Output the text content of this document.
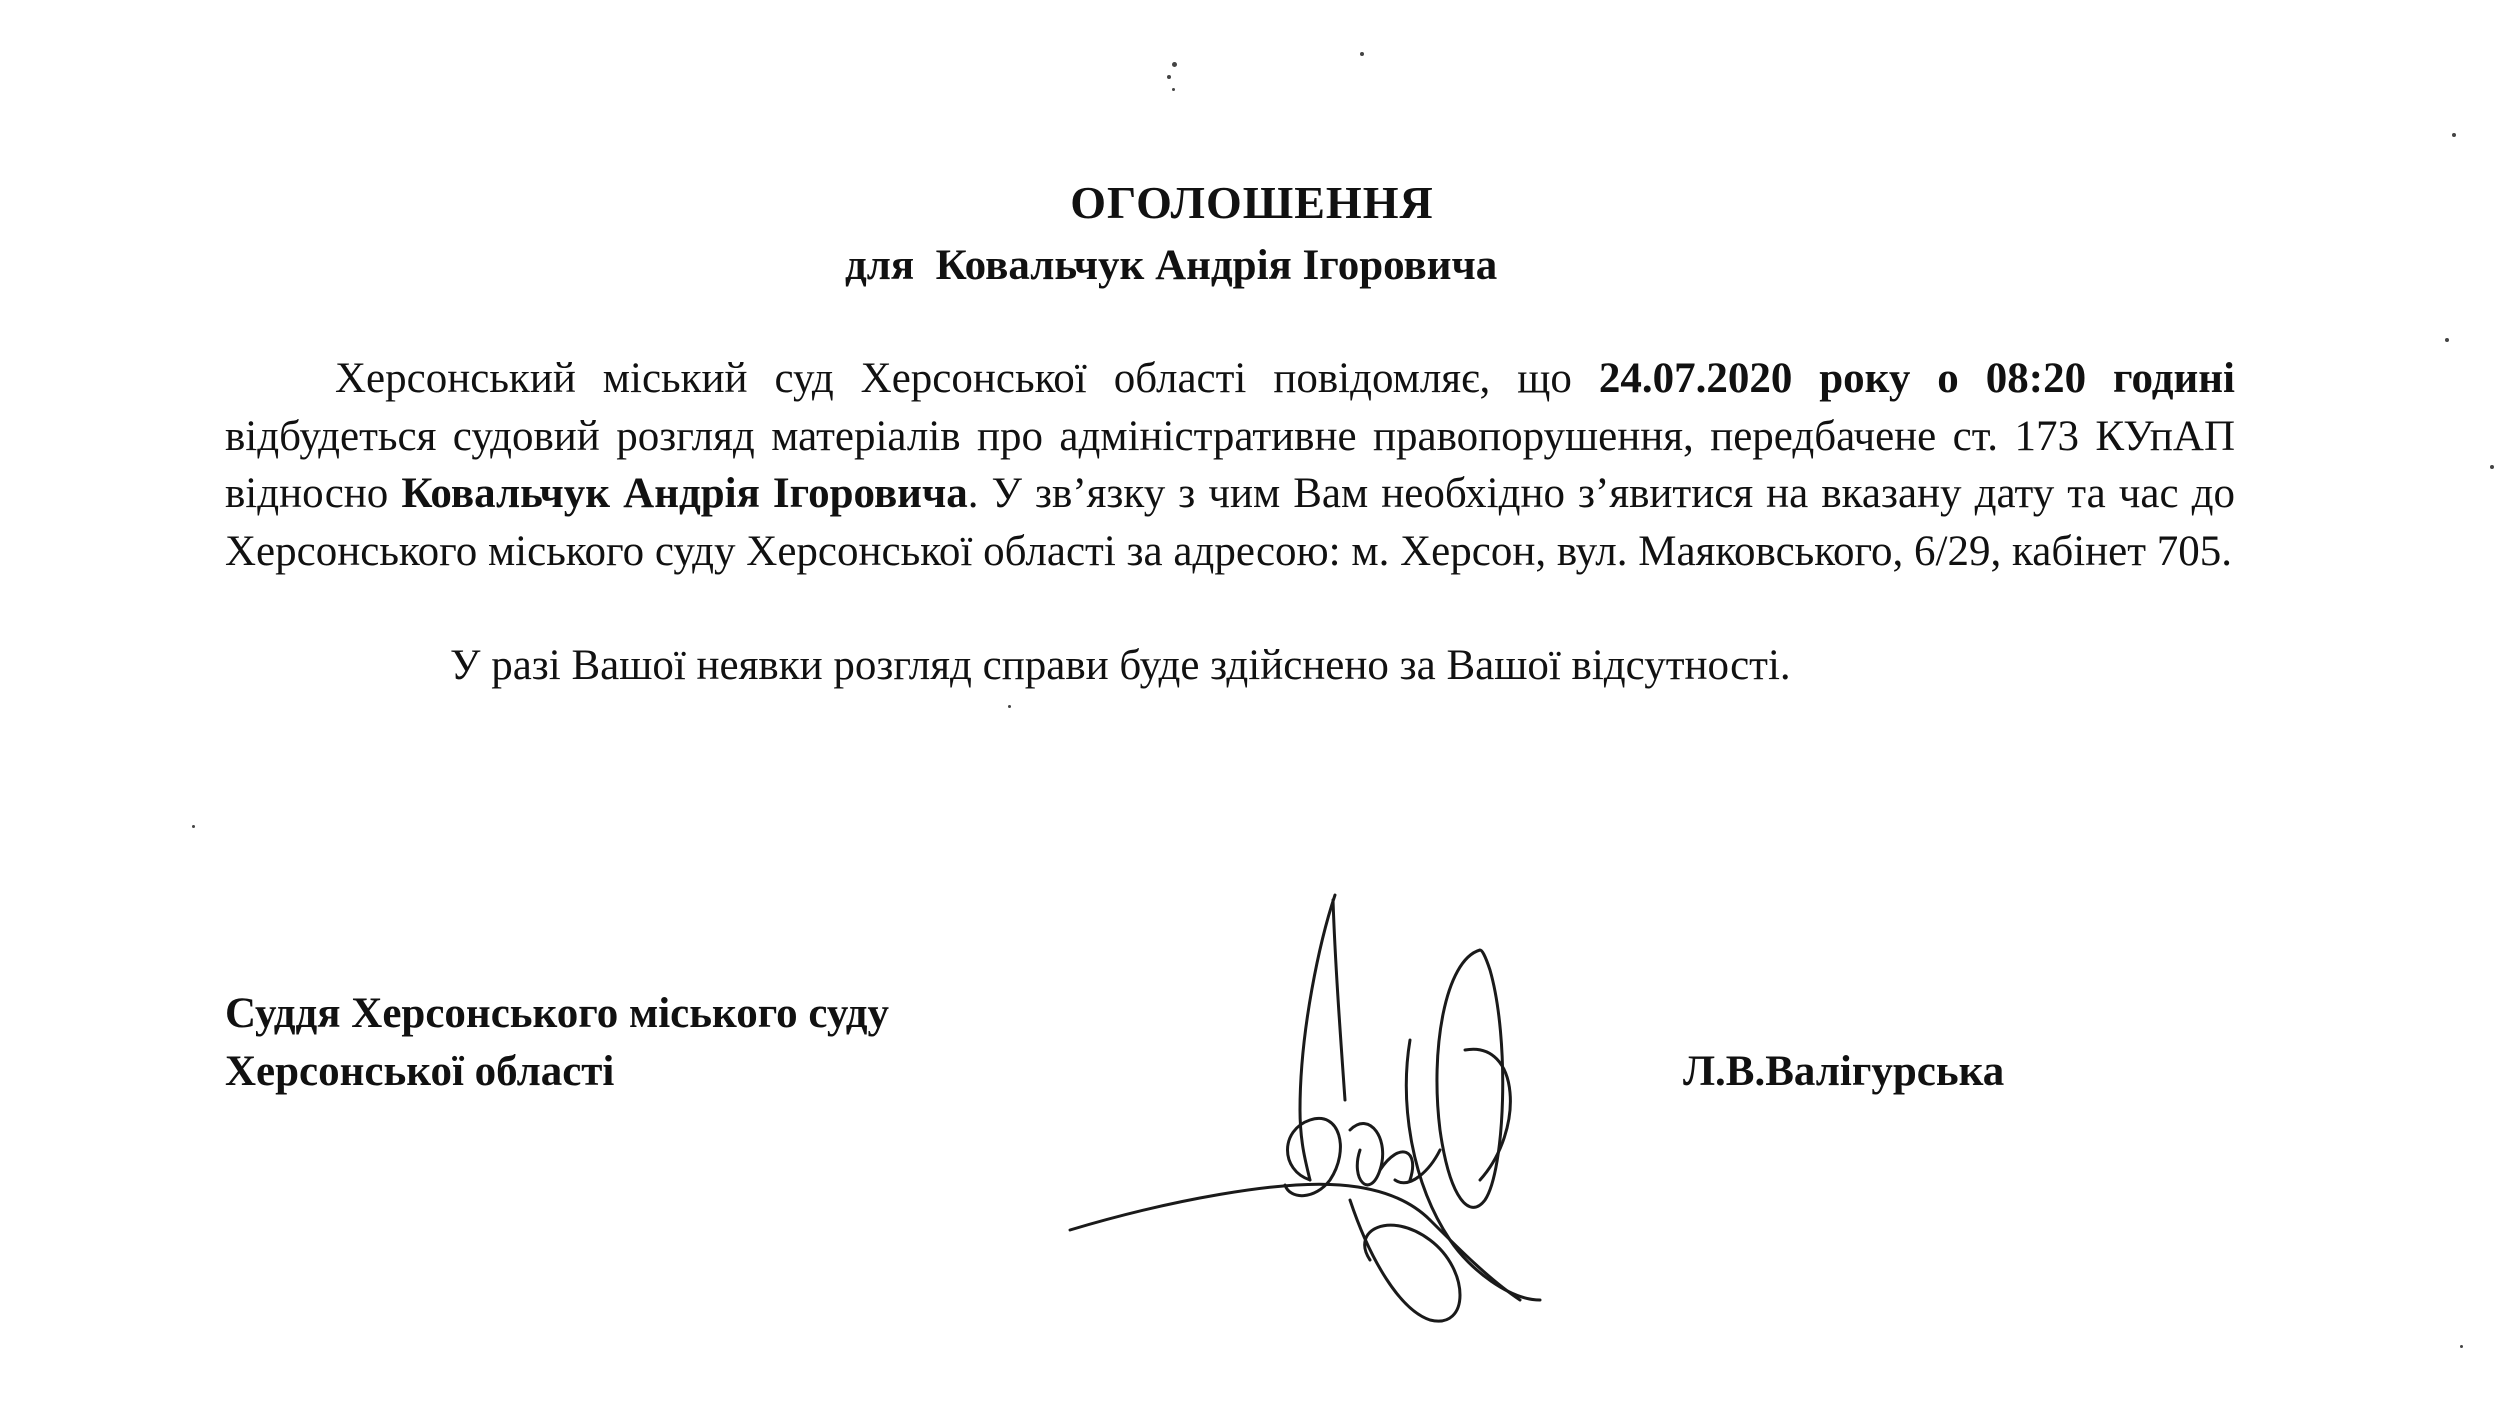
ОГОЛОШЕННЯ
для Ковальчук Андрія Ігоровича
Херсонський міський суд Херсонської області повідомляє, що 24.07.2020 року о 08:20 годині відбудеться судовий розгляд матеріалів про адміністративне правопорушення, передбачене ст. 173 КУпАП відносно Ковальчук Андрія Ігоровича. У зв’язку з чим Вам необхідно з’явитися на вказану дату та час до Херсонського міського суду Херсонської області за адресою: м. Херсон, вул. Маяковського, 6/29, кабінет 705.
У разі Вашої неявки розгляд справи буде здійснено за Вашої відсутності.
Суддя Херсонського міського суду
Херсонської області	Л.В.Валігурська
